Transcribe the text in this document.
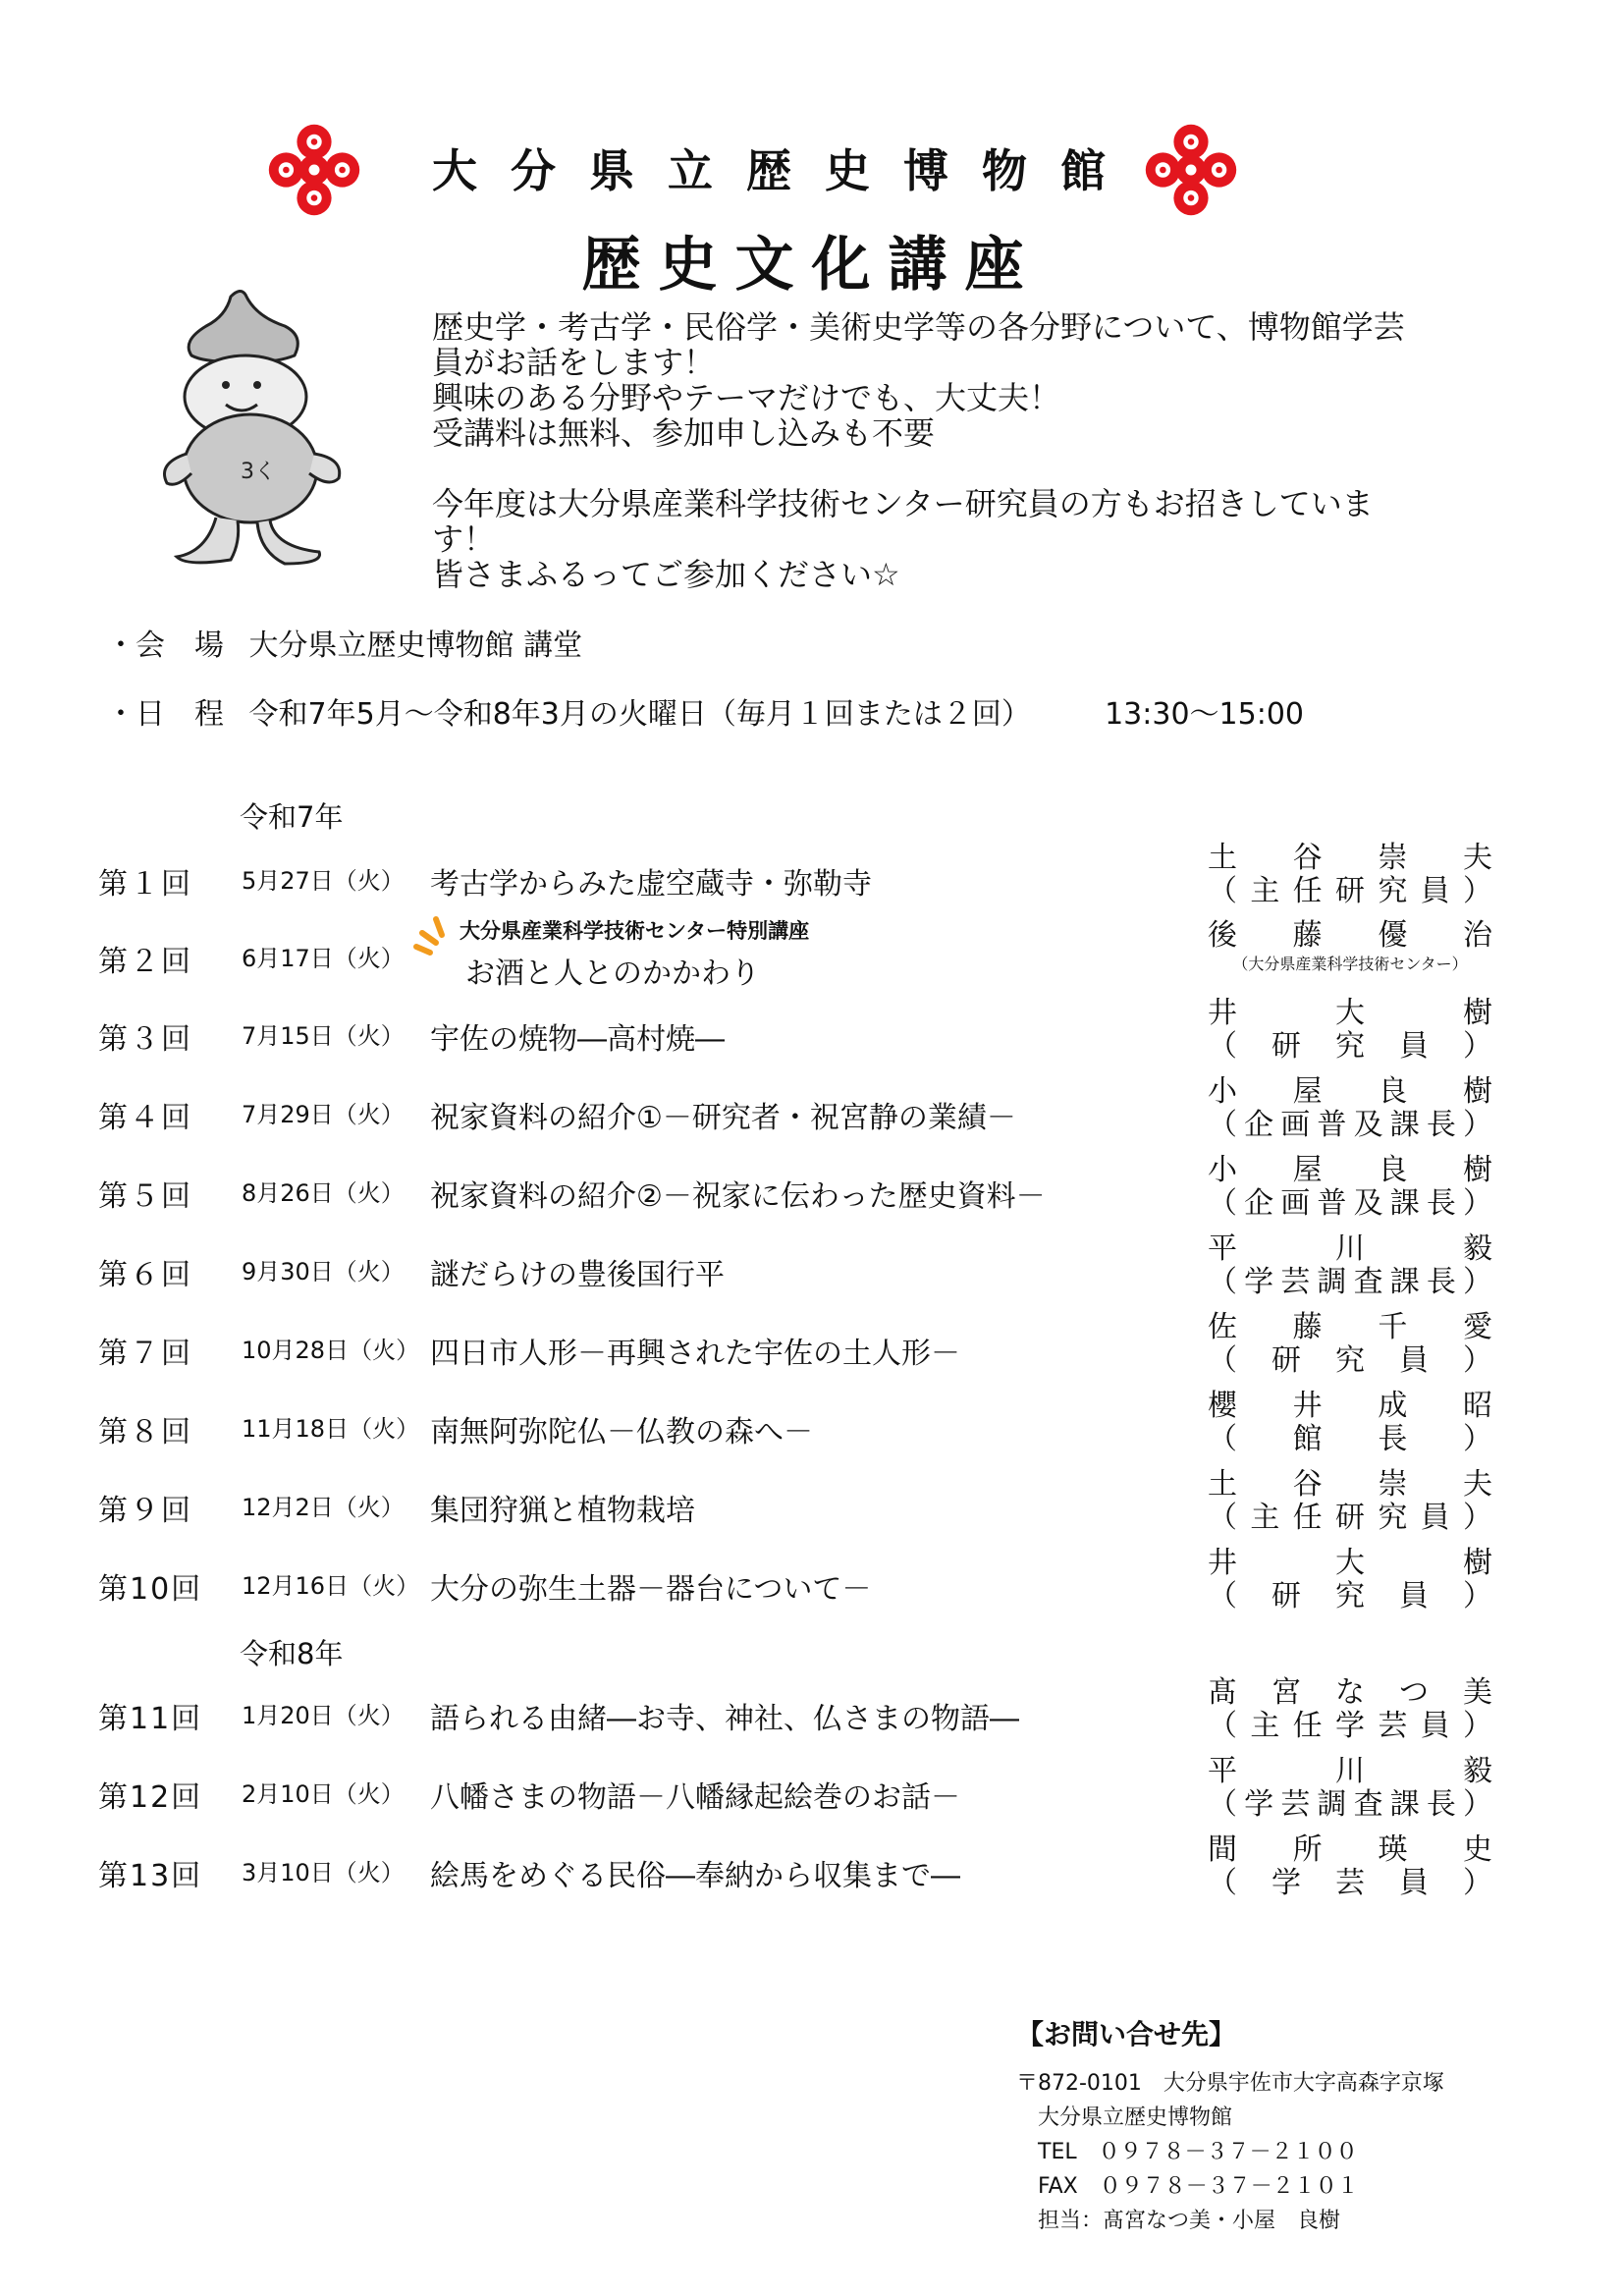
大分県立歴史博物館
歴史文化講座
3く

歴史学・考古学・民俗学・美術史学等の各分野について、博物館学芸

員がお話をします！

興味のある分野やテーマだけでも、大丈夫！

受講料は無料、参加申し込みも不要

今年度は大分県産業科学技術センター研究員の方もお招きしていま

す！

皆さまふるってご参加ください☆

・会　場 大分県立歴史博物館 講堂
・日　程 令和7年5月～令和8年3月の火曜日（毎月１回または２回）	13:30～15:00
令和7年
第１回 5月27日（火） 考古学からみた虚空蔵寺・弥勒寺
土谷崇夫
（主任研究員）
第２回 6月17日（火）
大分県産業科学技術センター特別講座
お酒と人とのかかわり
後藤優治
（大分県産業科学技術センター）
第３回 7月15日（火） 宇佐の焼物―高村焼―
井大樹
（研究員）
第４回 7月29日（火） 祝家資料の紹介①－研究者・祝宮静の業績－
小屋良樹
（企画普及課長）
第５回 8月26日（火） 祝家資料の紹介②－祝家に伝わった歴史資料－
小屋良樹
（企画普及課長）
第６回 9月30日（火） 謎だらけの豊後国行平
平川毅
（学芸調査課長）
第７回 10月28日（火） 四日市人形－再興された宇佐の土人形－
佐藤千愛
（研究員）
第８回 11月18日（火） 南無阿弥陀仏－仏教の森へ－
櫻井成昭
（館長）
第９回 12月2日（火） 集団狩猟と植物栽培
土谷崇夫
（主任研究員）
第10回 12月16日（火） 大分の弥生土器－器台について－
井大樹
（研究員）
令和8年
第11回 1月20日（火） 語られる由緒―お寺、神社、仏さまの物語―
髙宮なつ美
（主任学芸員）
第12回 2月10日（火） 八幡さまの物語－八幡縁起絵巻のお話－
平川毅
（学芸調査課長）
第13回 3月10日（火） 絵馬をめぐる民俗―奉納から収集まで―
間所瑛史
（学芸員）
【お問い合せ先】
〒872-0101　大分県宇佐市大字高森字京塚
大分県立歴史博物館
TEL　０９７８－３７－２１００
FAX　０９７８－３７－２１０１
担当：髙宮なつ美・小屋　良樹
